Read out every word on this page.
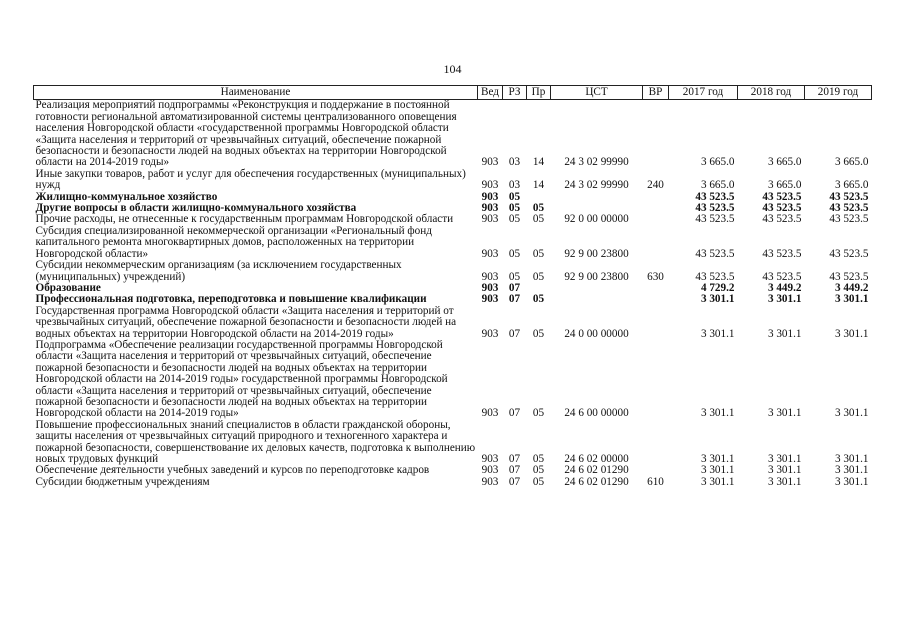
104
Наименование	Вед	РЗ	Пр	ЦСТ	ВР	2017 год	2018 год	2019 год
Реализация мероприятий подпрограммы «Реконструкция и поддержание в постоянной готовности региональной автоматизированной системы централизованного оповещения населения Новгородской области «государственной программы Новгородской области «Защита населения и территорий от чрезвычайных ситуаций, обеспечение пожарной безопасности и безопасности людей на водных объектах на территории Новгородской области на 2014-2019 годы»	903	03	14	24 3 02 99990		3 665.0	3 665.0	3 665.0
Иные закупки товаров, работ и услуг для обеспечения государственных (муниципальных) нужд	903	03	14	24 3 02 99990	240	3 665.0	3 665.0	3 665.0
Жилищно-коммунальное хозяйство	903	05				43 523.5	43 523.5	43 523.5
Другие вопросы в области жилищно-коммунального хозяйства	903	05	05			43 523.5	43 523.5	43 523.5
Прочие расходы, не отнесенные к государственным программам Новгородской области	903	05	05	92 0 00 00000		43 523.5	43 523.5	43 523.5
Субсидия специализированной некоммерческой организации «Региональный фонд капитального ремонта многоквартирных домов, расположенных на территории Новгородской области»	903	05	05	92 9 00 23800		43 523.5	43 523.5	43 523.5
Субсидии некоммерческим организациям (за исключением государственных (муниципальных) учреждений)	903	05	05	92 9 00 23800	630	43 523.5	43 523.5	43 523.5
Образование	903	07				4 729.2	3 449.2	3 449.2
Профессиональная подготовка, переподготовка и повышение квалификации	903	07	05			3 301.1	3 301.1	3 301.1
Государственная программа Новгородской области «Защита населения и территорий от чрезвычайных ситуаций, обеспечение пожарной безопасности и безопасности людей на водных объектах на территории Новгородской области на 2014-2019 годы»	903	07	05	24 0 00 00000		3 301.1	3 301.1	3 301.1
Подпрограмма «Обеспечение реализации государственной программы Новгородской области «Защита населения и территорий от чрезвычайных ситуаций, обеспечение пожарной безопасности и безопасности людей на водных объектах на территории Новгородской области на 2014-2019 годы» государственной программы Новгородской области «Защита населения и территорий от чрезвычайных ситуаций, обеспечение пожарной безопасности и безопасности людей на водных объектах на территории Новгородской области на 2014-2019 годы»	903	07	05	24 6 00 00000		3 301.1	3 301.1	3 301.1
Повышение профессиональных знаний специалистов в области гражданской обороны, защиты населения от чрезвычайных ситуаций природного и техногенного характера и пожарной безопасности, совершенствование их деловых качеств, подготовка к выполнению новых трудовых функций	903	07	05	24 6 02 00000		3 301.1	3 301.1	3 301.1
Обеспечение деятельности учебных заведений и курсов по переподготовке кадров	903	07	05	24 6 02 01290		3 301.1	3 301.1	3 301.1
Субсидии бюджетным учреждениям	903	07	05	24 6 02 01290	610	3 301.1	3 301.1	3 301.1
